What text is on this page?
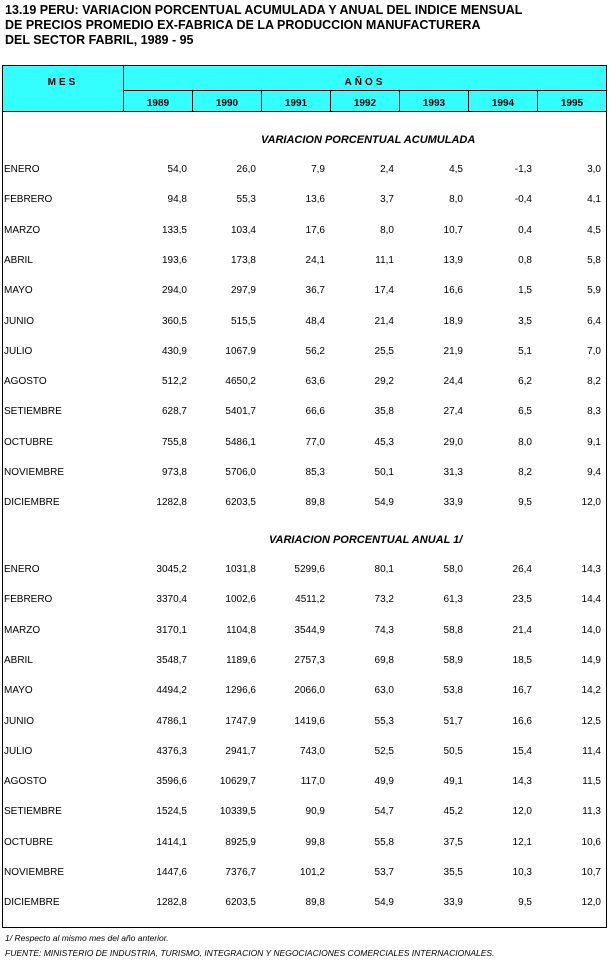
13.19 PERU: VARIACION PORCENTUAL ACUMULADA Y ANUAL DEL INDICE MENSUAL
DE PRECIOS PROMEDIO EX-FABRICA DE LA PRODUCCION MANUFACTURERA
DEL SECTOR FABRIL, 1989 - 95
MES	AÑOS
1989	1990	1991	1992	1993	1994	1995
VARIACION PORCENTUAL ACUMULADA
ENERO	54,0	26,0	7,9	2,4	4,5	-1,3	3,0
FEBRERO	94,8	55,3	13,6	3,7	8,0	-0,4	4,1
MARZO	133,5	103,4	17,6	8,0	10,7	0,4	4,5
ABRIL	193,6	173,8	24,1	11,1	13,9	0,8	5,8
MAYO	294,0	297,9	36,7	17,4	16,6	1,5	5,9
JUNIO	360,5	515,5	48,4	21,4	18,9	3,5	6,4
JULIO	430,9	1067,9	56,2	25,5	21,9	5,1	7,0
AGOSTO	512,2	4650,2	63,6	29,2	24,4	6,2	8,2
SETIEMBRE	628,7	5401,7	66,6	35,8	27,4	6,5	8,3
OCTUBRE	755,8	5486,1	77,0	45,3	29,0	8,0	9,1
NOVIEMBRE	973,8	5706,0	85,3	50,1	31,3	8,2	9,4
DICIEMBRE	1282,8	6203,5	89,8	54,9	33,9	9,5	12,0
VARIACION PORCENTUAL ANUAL 1/
ENERO	3045,2	1031,8	5299,6	80,1	58,0	26,4	14,3
FEBRERO	3370,4	1002,6	4511,2	73,2	61,3	23,5	14,4
MARZO	3170,1	1104,8	3544,9	74,3	58,8	21,4	14,0
ABRIL	3548,7	1189,6	2757,3	69,8	58,9	18,5	14,9
MAYO	4494,2	1296,6	2066,0	63,0	53,8	16,7	14,2
JUNIO	4786,1	1747,9	1419,6	55,3	51,7	16,6	12,5
JULIO	4376,3	2941,7	743,0	52,5	50,5	15,4	11,4
AGOSTO	3596,6	10629,7	117,0	49,9	49,1	14,3	11,5
SETIEMBRE	1524,5	10339,5	90,9	54,7	45,2	12,0	11,3
OCTUBRE	1414,1	8925,9	99,8	55,8	37,5	12,1	10,6
NOVIEMBRE	1447,6	7376,7	101,2	53,7	35,5	10,3	10,7
DICIEMBRE	1282,8	6203,5	89,8	54,9	33,9	9,5	12,0
1/ Respecto al mismo mes del año anterior.
FUENTE: MINISTERIO DE INDUSTRIA, TURISMO, INTEGRACION Y NEGOCIACIONES COMERCIALES INTERNACIONALES.
